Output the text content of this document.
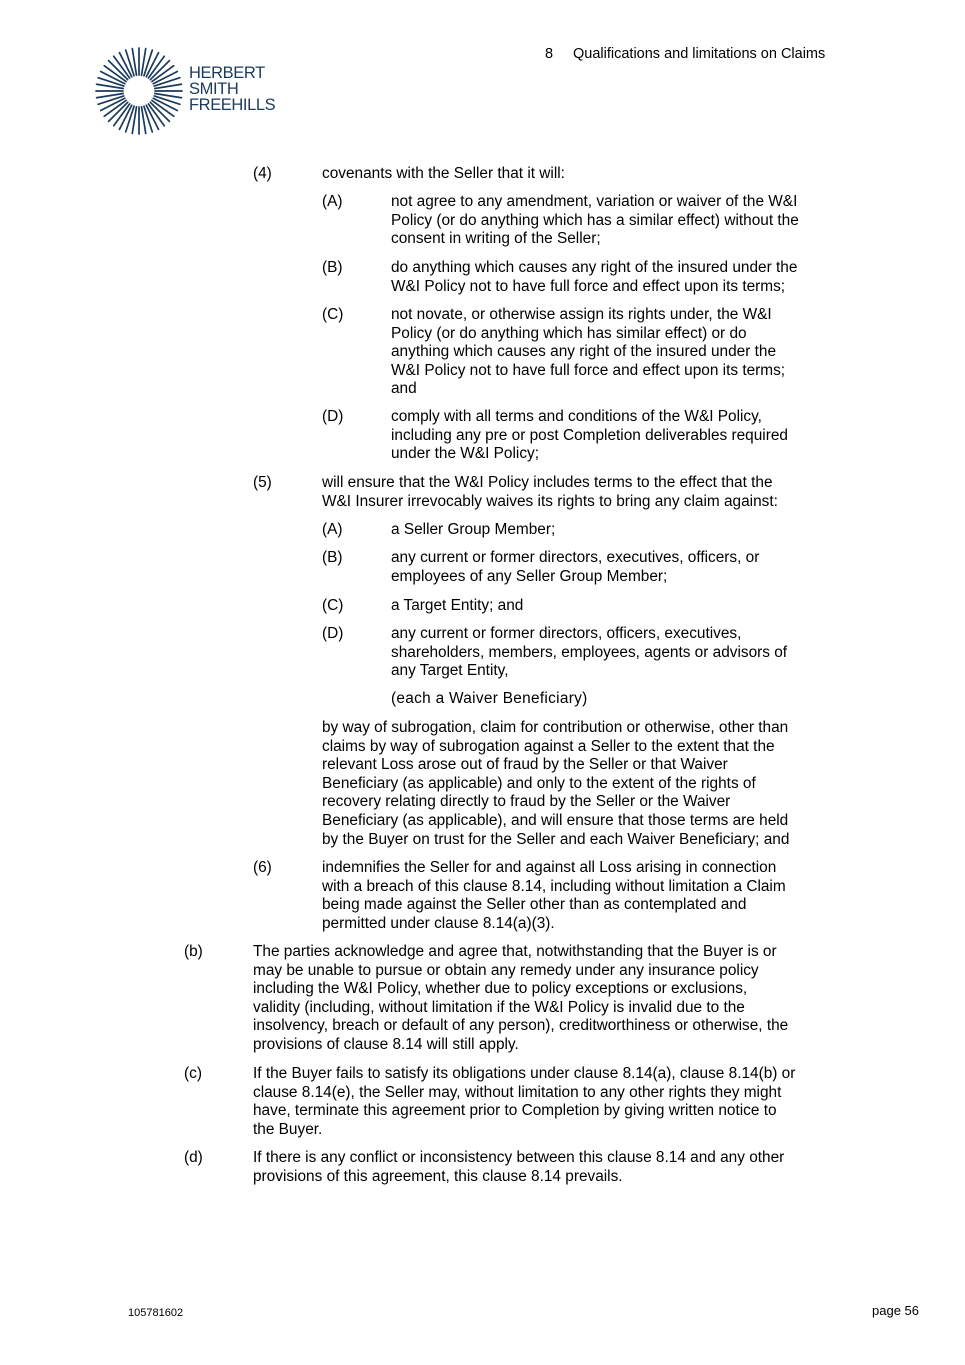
HERBERT
SMITH
FREEHILLS
8 Qualifications and limitations on Claims
(4)	covenants with the Seller that it will:
(A)	not agree to any amendment, variation or waiver of the W&I
Policy (or do anything which has a similar effect) without the
consent in writing of the Seller;
(B)	do anything which causes any right of the insured under the
W&I Policy not to have full force and effect upon its terms;
(C)	not novate, or otherwise assign its rights under, the W&I
Policy (or do anything which has similar effect) or do
anything which causes any right of the insured under the
W&I Policy not to have full force and effect upon its terms;
and
(D)	comply with all terms and conditions of the W&I Policy,
including any pre or post Completion deliverables required
under the W&I Policy;
(5)	will ensure that the W&I Policy includes terms to the effect that the
W&I Insurer irrevocably waives its rights to bring any claim against:
(A)	a Seller Group Member;
(B)	any current or former directors, executives, officers, or
employees of any Seller Group Member;
(C)	a Target Entity; and
(D)	any current or former directors, officers, executives,
shareholders, members, employees, agents or advisors of
any Target Entity,
(each a Waiver Beneficiary)
by way of subrogation, claim for contribution or otherwise, other than
claims by way of subrogation against a Seller to the extent that the
relevant Loss arose out of fraud by the Seller or that Waiver
Beneficiary (as applicable) and only to the extent of the rights of
recovery relating directly to fraud by the Seller or the Waiver
Beneficiary (as applicable), and will ensure that those terms are held
by the Buyer on trust for the Seller and each Waiver Beneficiary; and
(6)	indemnifies the Seller for and against all Loss arising in connection
with a breach of this clause 8.14, including without limitation a Claim
being made against the Seller other than as contemplated and
permitted under clause 8.14(a)(3).
(b)	The parties acknowledge and agree that, notwithstanding that the Buyer is or
may be unable to pursue or obtain any remedy under any insurance policy
including the W&I Policy, whether due to policy exceptions or exclusions,
validity (including, without limitation if the W&I Policy is invalid due to the
insolvency, breach or default of any person), creditworthiness or otherwise, the
provisions of clause 8.14 will still apply.
(c)	If the Buyer fails to satisfy its obligations under clause 8.14(a), clause 8.14(b) or
clause 8.14(e), the Seller may, without limitation to any other rights they might
have, terminate this agreement prior to Completion by giving written notice to
the Buyer.
(d)	If there is any conflict or inconsistency between this clause 8.14 and any other
provisions of this agreement, this clause 8.14 prevails.
105781602	page 56
